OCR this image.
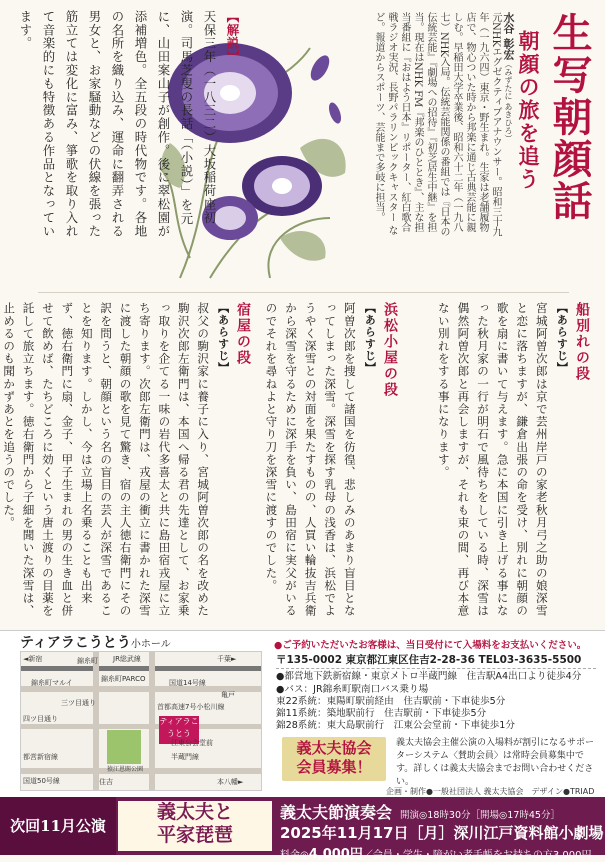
生写朝顔話
朝顔の旅を追う
水谷 彰宏（みずたに あきひろ）
元NHKエグゼクティブアナウンサー。昭和三十九年（一九六四）東京・野生まれ。生家は老舗履物店で、物心ついた時から邦楽に通じ古典芸能に親しむ。早稲田大学卒業後、昭和六十二年（一九八七）NHK入局。伝統芸能関係の番組では『日本の伝統芸能』『劇場への招待』『初芝居生中継』を担当。現在はNHK FM『邦楽のひととき』、主な担当番組に『おはよう日本』リポーター、紅白歌合戦ラジオ実況、長野パラリンピックキャスター など。報道からスポーツ、芸能まで多岐に担当。
【解説】
天保三年（一八三二）大坂稲荷座初演。司馬芝叟の長話「（小説）」を元に、山田案山子が創作。後に翠松園が添補増色。全五段の時代物です。各地の名所を織り込み、運命に翻弄される男女と、お家騒動などの伏線を張った筋立ては変化に富み、箏歌を取り入れて音楽的にも特徴ある作品となっています。
船別れの段
【あらすじ】
宮城阿曽次郎は京で芸州岸戸の家老秋月弓之助の娘深雪と恋に落ちますが、鎌倉出張の命を受け、別れに朝顔の歌を扇に書いて与えます。急に本国に引き上げる事になった秋月家の一行が明石で風待ちをしている時、深雪は偶然阿曽次郎と再会しますが、それも束の間、再び本意ない別れをする事になります。
浜松小屋の段
【あらすじ】
阿曽次郎を捜して諸国を彷徨、悲しみのあまり盲目となってしまった深雪。深雪を探す乳母の浅香は、浜松でようやく深雪との対面を果たすものの、人買い輪抜吉兵衛から深雪を守るために深手を負い、島田宿に実父がいるのでそれを尋ねよと守り刀を深雪に渡すのでした。
宿屋の段
【あらすじ】
叔父の駒沢家に養子に入り、宮城阿曽次郎の名を改めた駒沢次郎左衛門は、本国へ帰る君の先達として、お家乗っ取りを企てる一味の岩代多喜太と共に島田宿戎屋に立ち寄ります。次郎左衛門は、戎屋の衝立に書かれた深雪に渡した朝顔の歌を見て驚き、宿の主人徳右衛門にその訳を問うと、朝顔という名の盲目の芸人が深雪であることを知ります。しかし、今は立場上名乗ることも出来ず、徳右衛門に扇、金子、甲子生まれの男の生き血と併せて飲めば、たちどころに効くという唐土渡りの目薬を託して旅立ちます。徳右衛門から子細を聞いた深雪は、止めるのも聞かずあとを追うのでした。
ティアラこうとう小ホール
ティアラこうとう
◄新宿	錦糸町 JR総武線	千葉►
錦糸町PARCO
錦糸町マルイ	国道14号線
亀戸
首都高速7号小松川線
四ツ目通り
都営新宿線	半蔵門線
国道50号線	住吉	本八幡►
江東公会堂前
猿江恩賜公園
三ツ目通り
●ご予約いただいたお客様は、当日受付にて入場料をお支払いください。
〒135-0002 東京都江東区住吉2-28-36 TEL03-3635-5500
●都営地下鉄新宿線・東京メトロ半蔵門線　住吉駅A4出口より徒歩4分
●バス：JR錦糸町駅南口バス乗り場
東22系統：東陽町駅前経由　住吉駅前・下車徒歩5分
錦11系統：築地駅前行　住吉駅前・下車徒歩5分
錦28系統：東大島駅前行　江東公会堂前・下車徒歩1分
義太夫協会
会員募集！
義太夫協会主催公演の入場料が割引になるサポーターシステム〈賛助会員〉は常時会員募集中です。詳しくは義太夫協会までお問い合わせください。
企画・制作●一般社団法人 義太夫協会　デザイン●TRIAD
次回11月公演
義太夫と
平家琵琶
義太夫節演奏会 開演◎18時30分［開場◎17時45分］
2025年11月17日［月］深川江戸資料館小劇場
料金◎4,000円／会員・学生・障がい者手帳をお持ちの方3,000円
